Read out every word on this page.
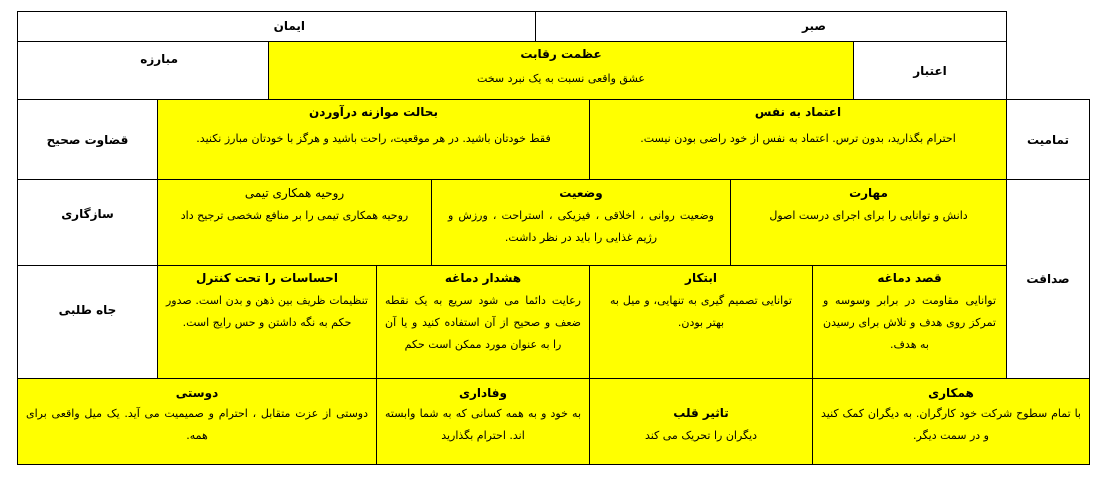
صبر
ایمان
اعتبار
عظمت رقابت
عشق واقعی نسبت به یک نبرد سخت
مبارزه
تمامیت
صداقت
اعتماد به نفس
احترام بگذارید، بدون ترس. اعتماد به نفس از خود راضی بودن نیست.
بحالت موازنه درآوردن
فقط خودتان باشید. در هر موقعیت، راحت باشید و هرگز با خودتان مبارز نکنید.
قضاوت صحیح
مهارت
دانش و توانایی را برای اجرای درست اصول
وضعیت
وضعیت روانی ، اخلاقی ، فیزیکی ، استراحت ، ورزش و رژیم غذایی را باید در نظر داشت.
روحیه همکاری تیمی
روحیه همکاری تیمی را بر منافع شخصی ترجیح داد
سازگاری
قصد دماغه
توانایی مقاومت در برابر وسوسه و تمرکز روی هدف و تلاش برای رسیدن به هدف.
ابتکار
توانایی تصمیم گیری به تنهایی، و میل به بهتر بودن.
هشدار دماغه
رعایت دائما می شود سریع به یک نقطه ضعف و صحیح از آن استفاده کنید و یا آن را به عنوان مورد ممکن است حکم
احساسات را تحت کنترل
تنظیمات ظریف بین ذهن و بدن است. صدور حکم به نگه داشتن و حس رایج است.
جاه طلبی
همکاری
با تمام سطوح شرکت خود کارگران. به دیگران کمک کنید و در سمت دیگر.
تاثیر قلب
دیگران را تحریک می کند
وفاداری
به خود و به همه کسانی که به شما وابسته اند. احترام بگذارید
دوستی
دوستی از عزت متقابل ، احترام و صمیمیت می آید. یک میل واقعی برای همه.
